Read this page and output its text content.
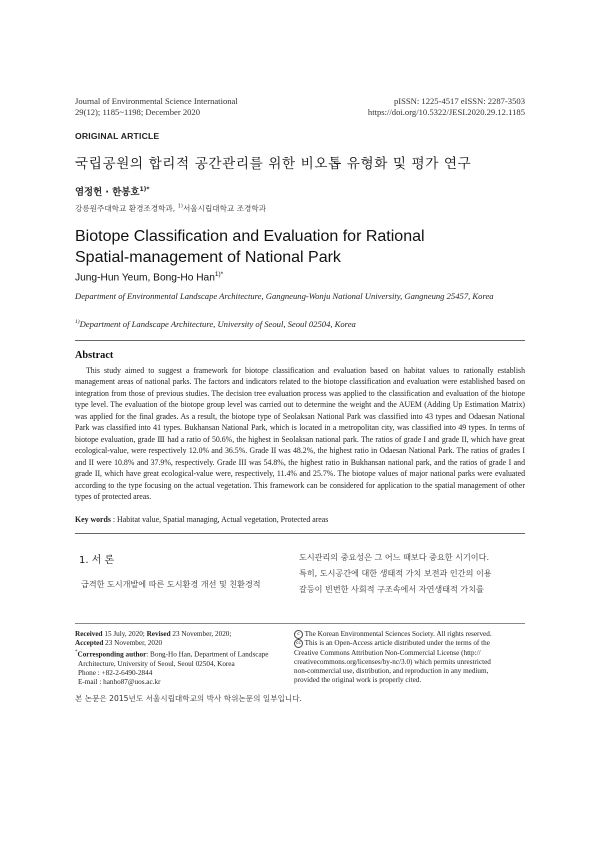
Journal of Environmental Science International
29(12); 1185~1198; December 2020
pISSN: 1225-4517 eISSN: 2287-3503
https://doi.org/10.5322/JESI.2020.29.12.1185
ORIGINAL ARTICLE
국립공원의 합리적 공간관리를 위한 비오톱 유형화 및 평가 연구
염정헌 · 한봉호$^{1)*}$
강릉원주대학교 환경조경학과, $^{1)}$서울시립대학교 조경학과
Biotope Classification and Evaluation for Rational
Spatial-management of National Park
Jung-Hun Yeum, Bong-Ho Han$^{1)*}$
Department of Environmental Landscape Architecture, Gangneung-Wonju National University, Gangneung 25457, Korea
$^{1)}$Department of Landscape Architecture, University of Seoul, Seoul 02504, Korea
Abstract
This study aimed to suggest a framework for biotope classification and evaluation based on habitat values to rationally establish management areas of national parks. The factors and indicators related to the biotope classification and evaluation were established based on integration from those of previous studies. The decision tree evaluation process was applied to the classification and evaluation of the biotope type level. The evaluation of the biotope group level was carried out to determine the weight and the AUEM (Adding Up Estimation Matrix) was applied for the final grades. As a result, the biotope type of Seolaksan National Park was classified into 43 types and Odaesan National Park was classified into 41 types. Bukhansan National Park, which is located in a metropolitan city, was classified into 49 types. In terms of biotope evaluation, grade Ⅲ had a ratio of 50.6%, the highest in Seolaksan national park. The ratios of grade I and grade II, which have great ecological-value, were respectively 12.0% and 36.5%. Grade II was 48.2%, the highest ratio in Odaesan National Park. The ratios of grades I and II were 10.8% and 37.9%, respectively. Grade III was 54.8%, the highest ratio in Bukhansan national park, and the ratios of grade I and grade II, which have great ecological-value were, respectively, 11.4% and 25.7%. The biotope values of major national parks were evaluated according to the type focusing on the actual vegetation. This framework can be considered for application to the spatial management of other types of protected areas.
Key words : Habitat value, Spatial managing, Actual vegetation, Protected areas
1. 서 론
급격한 도시개발에 따른 도시환경 개선 및 친환경적
도시관리의 중요성은 그 어느 때보다 중요한 시기이다.
특히, 도시공간에 대한 생태적 가치 보전과 인간의 이용
갈등이 빈번한 사회적 구조속에서 자연생태적 가치를
Received 15 July, 2020; Revised 23 November, 2020;
Accepted 23 November, 2020
*Corresponding author: Bong-Ho Han, Department of Landscape
Architecture, University of Seoul, Seoul 02504, Korea
Phone : +82-2-6490-2844
E-mail : hanho87@uos.ac.kr
c The Korean Environmental Sciences Society. All rights reserved.
cc This is an Open-Access article distributed under the terms of the
Creative Commons Attribution Non-Commercial License (http://
creativecommons.org/licenses/by-nc/3.0) which permits unrestricted
non-commercial use, distribution, and reproduction in any medium,
provided the original work is properly cited.
본 논문은 2015년도 서울시립대학교의 박사 학위논문의 일부입니다.
